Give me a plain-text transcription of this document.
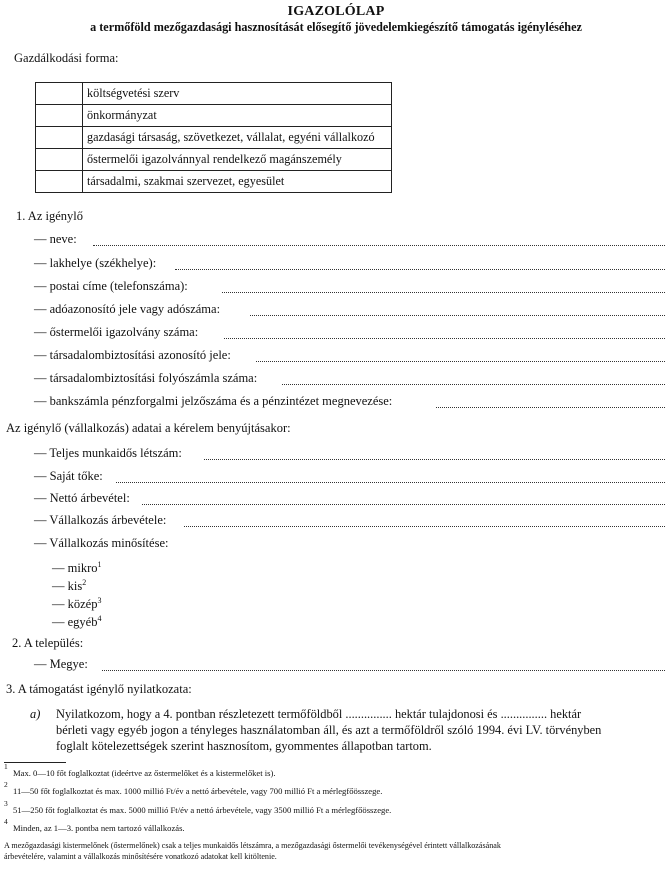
IGAZOLÓLAP
a termőföld mezőgazdasági hasznosítását elősegítő jövedelemkiegészítő támogatás igényléséhez
Gazdálkodási forma:
	költségvetési szerv
	önkormányzat
	gazdasági társaság, szövetkezet, vállalat, egyéni vállalkozó
	őstermelői igazolvánnyal rendelkező magánszemély
	társadalmi, szakmai szervezet, egyesület
1. Az igénylő
— neve:
— lakhelye (székhelye):
— postai címe (telefonszáma):
— adóazonosító jele vagy adószáma:
— őstermelői igazolvány száma:
— társadalombiztosítási azonosító jele:
— társadalombiztosítási folyószámla száma:
— bankszámla pénzforgalmi jelzőszáma és a pénzintézet megnevezése:
Az igénylő (vállalkozás) adatai a kérelem benyújtásakor:
— Teljes munkaidős létszám:
— Saját tőke:
— Nettó árbevétel:
— Vállalkozás árbevétele:
— Vállalkozás minősítése:
— mikro$^1$
— kis$^2$
— közép$^3$
— egyéb$^4$
2. A település:
— Megye:
3. A támogatást igénylő nyilatkozata:
a) Nyilatkozom, hogy a 4. pontban részletezett termőföldből ............... hektár tulajdonosi és ............... hektár
bérleti vagy egyéb jogon a tényleges használatomban áll, és azt a termőföldről szóló 1994. évi LV. törvényben
foglalt kötelezettségek szerint hasznosítom, gyommentes állapotban tartom.
1
Max. 0—10 főt foglalkoztat (ideértve az őstermelőket és a kistermelőket is).
2
11—50 főt foglalkoztat és max. 1000 millió Ft/év a nettó árbevétele, vagy 700 millió Ft a mérlegfőösszege.
3
51—250 főt foglalkoztat és max. 5000 millió Ft/év a nettó árbevétele, vagy 3500 millió Ft a mérlegfőösszege.
4
Minden, az 1—3. pontba nem tartozó vállalkozás.
A mezőgazdasági kistermelőnek (őstermelőnek) csak a teljes munkaidős létszámra, a mezőgazdasági őstermelői tevékenységével érintett vállalkozásának
árbevételére, valamint a vállalkozás minősítésére vonatkozó adatokat kell kitöltenie.
